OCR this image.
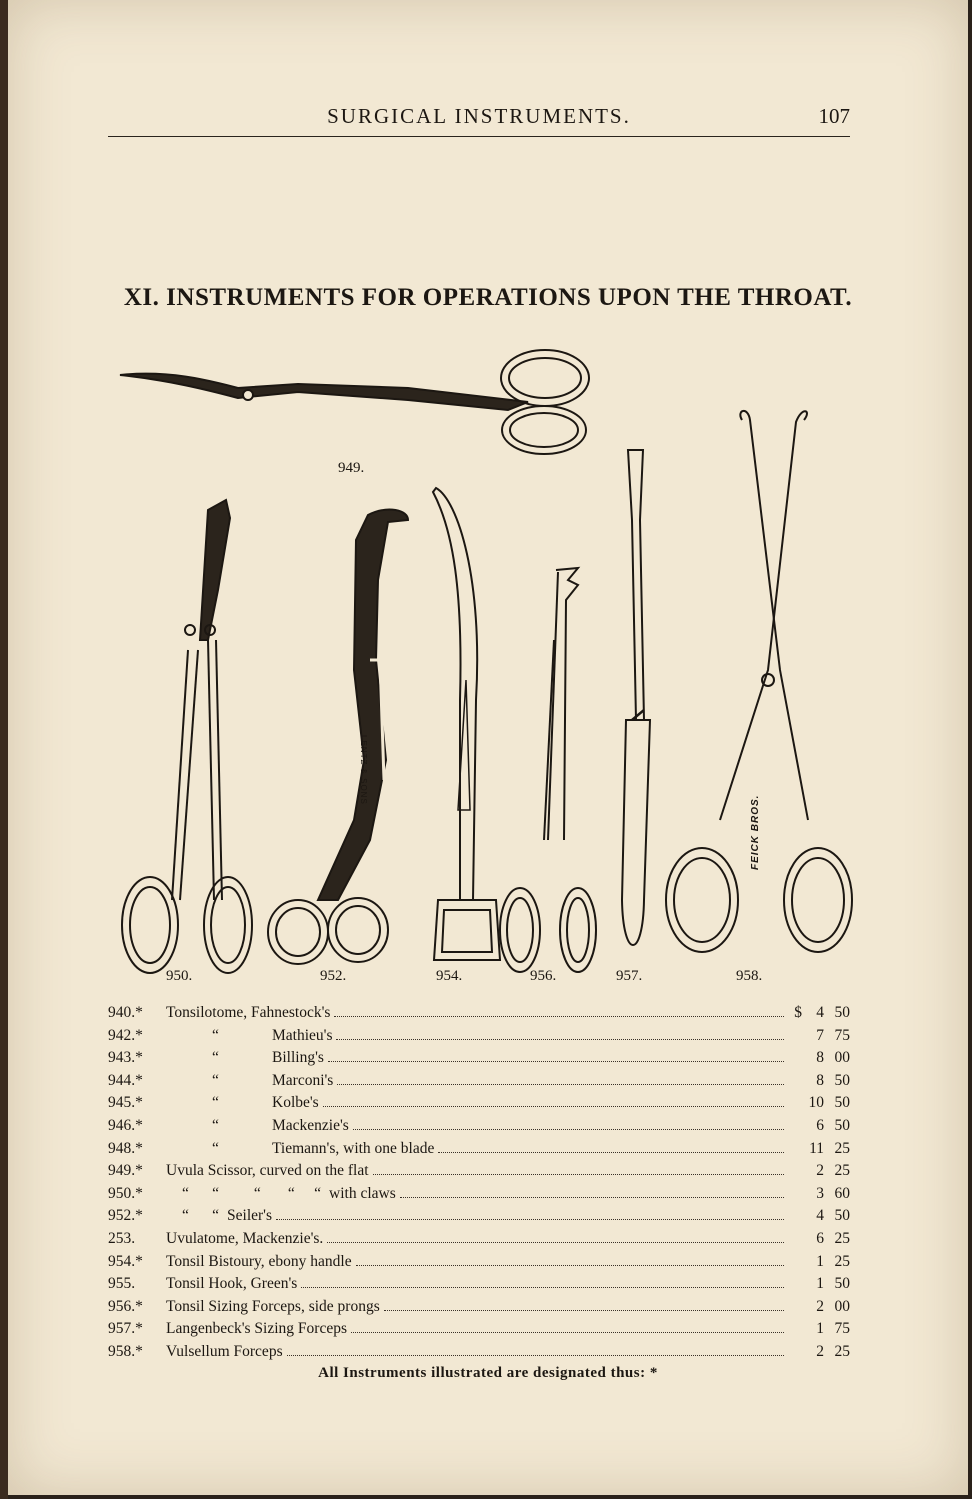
SURGICAL INSTRUMENTS.	107
XI. INSTRUMENTS FOR OPERATIONS UPON THE THROAT.
949.
LENTZ & SONS
FEICK BROS.
950.	952.	954.	956.	957.	958.
940.*	Tonsilotome, Fahnestock's	$ 4 50
942.*	“	Mathieu's	7 75
943.*	“	Billing's	8 00
944.*	“	Marconi's	8 50
945.*	“	Kolbe's	10 50
946.*	“	Mackenzie's	6 50
948.*	“	Tiemann's, with one blade	11 25
949.*	Uvula Scissor, curved on the flat	2 25
950.*	“      “         “       “     “ with claws	3 60
952.*	“      “ Seiler's	4 50
253.	Uvulatome, Mackenzie's.	6 25
954.*	Tonsil Bistoury, ebony handle	1 25
955.	Tonsil Hook, Green's	1 50
956.*	Tonsil Sizing Forceps, side prongs	2 00
957.*	Langenbeck's Sizing Forceps	1 75
958.*	Vulsellum Forceps	2 25
All Instruments illustrated are designated thus: *
